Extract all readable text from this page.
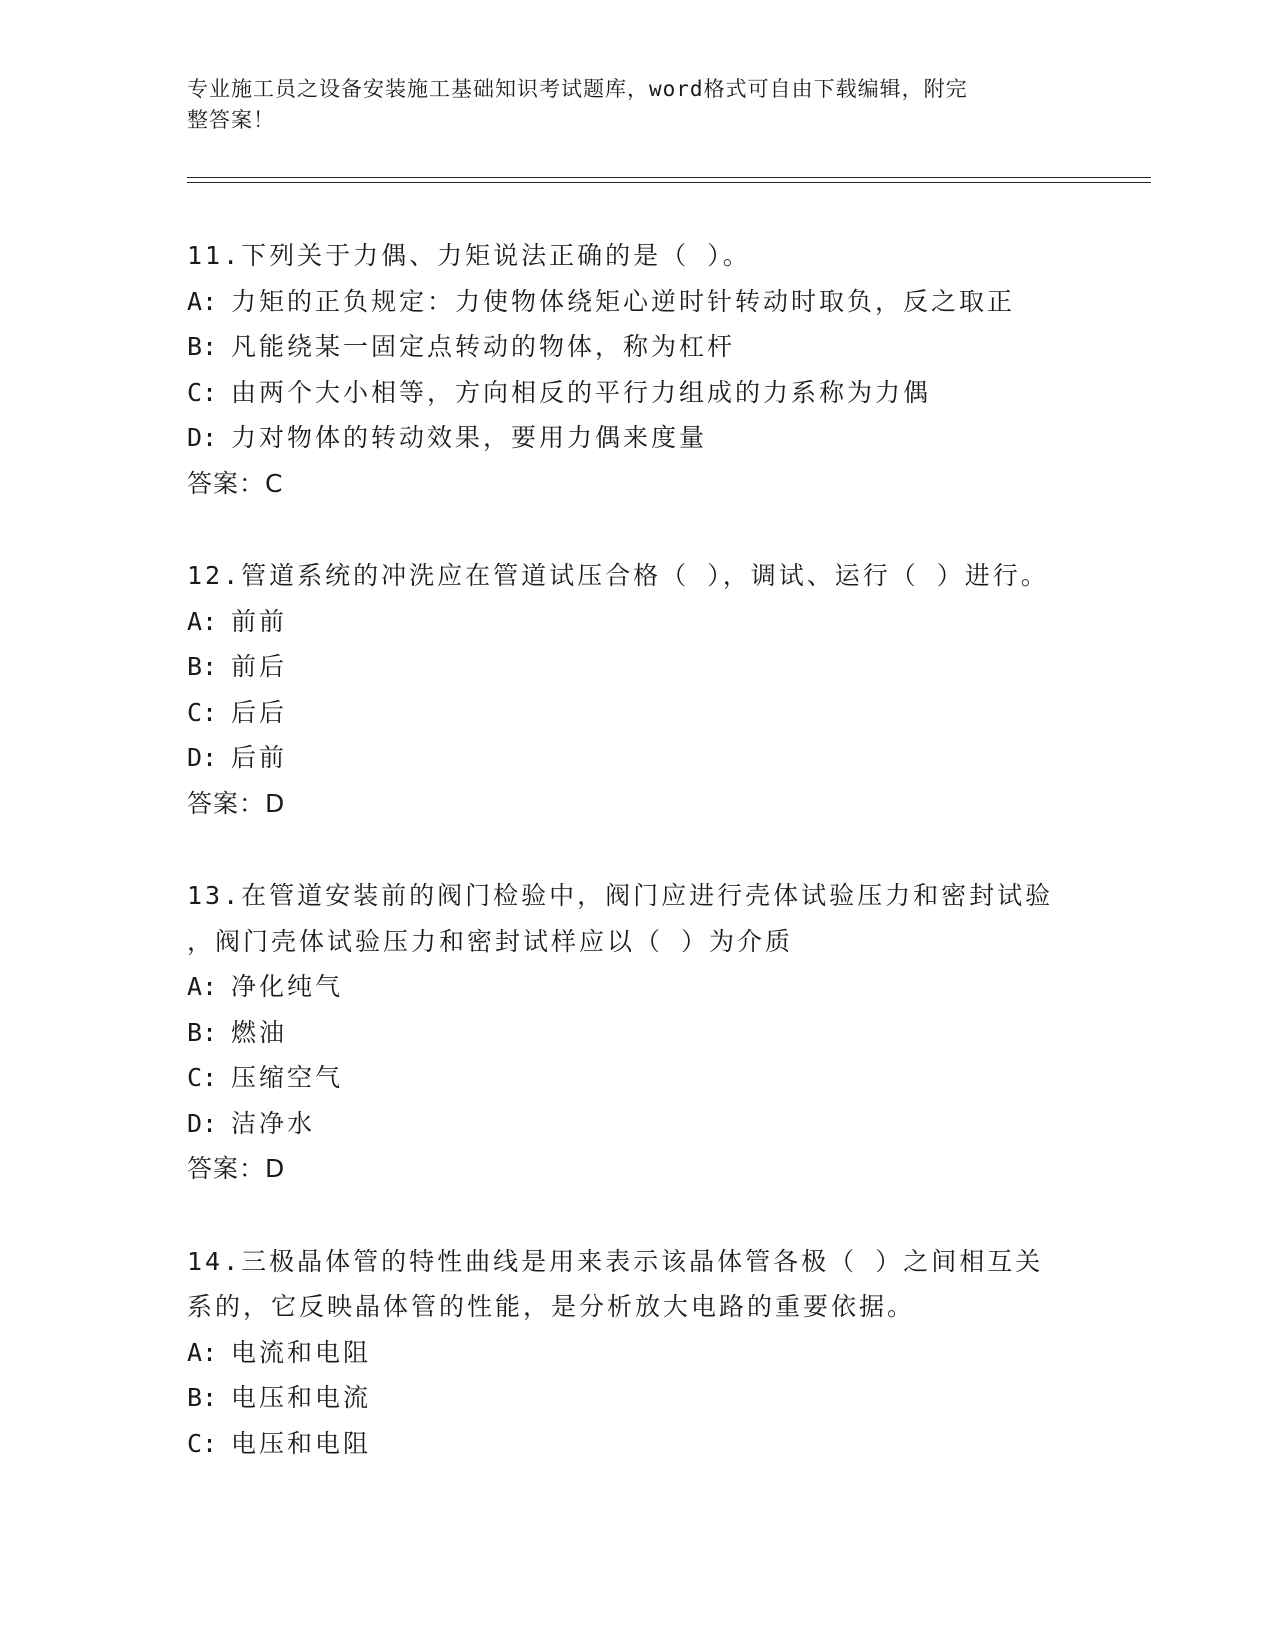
专业施工员之设备安装施工基础知识考试题库，word格式可自由下载编辑，附完
整答案！
11.下列关于力偶、力矩说法正确的是（ ）。
A: 力矩的正负规定：力使物体绕矩心逆时针转动时取负，反之取正
B: 凡能绕某一固定点转动的物体，称为杠杆
C: 由两个大小相等，方向相反的平行力组成的力系称为力偶
D: 力对物体的转动效果，要用力偶来度量
答案：C
12.管道系统的冲洗应在管道试压合格（ ），调试、运行（ ）进行。
A: 前前
B: 前后
C: 后后
D: 后前
答案：D
13.在管道安装前的阀门检验中，阀门应进行壳体试验压力和密封试验
，阀门壳体试验压力和密封试样应以（ ）为介质
A: 净化纯气
B: 燃油
C: 压缩空气
D: 洁净水
答案：D
14.三极晶体管的特性曲线是用来表示该晶体管各极（ ）之间相互关
系的，它反映晶体管的性能，是分析放大电路的重要依据。
A: 电流和电阻
B: 电压和电流
C: 电压和电阻
